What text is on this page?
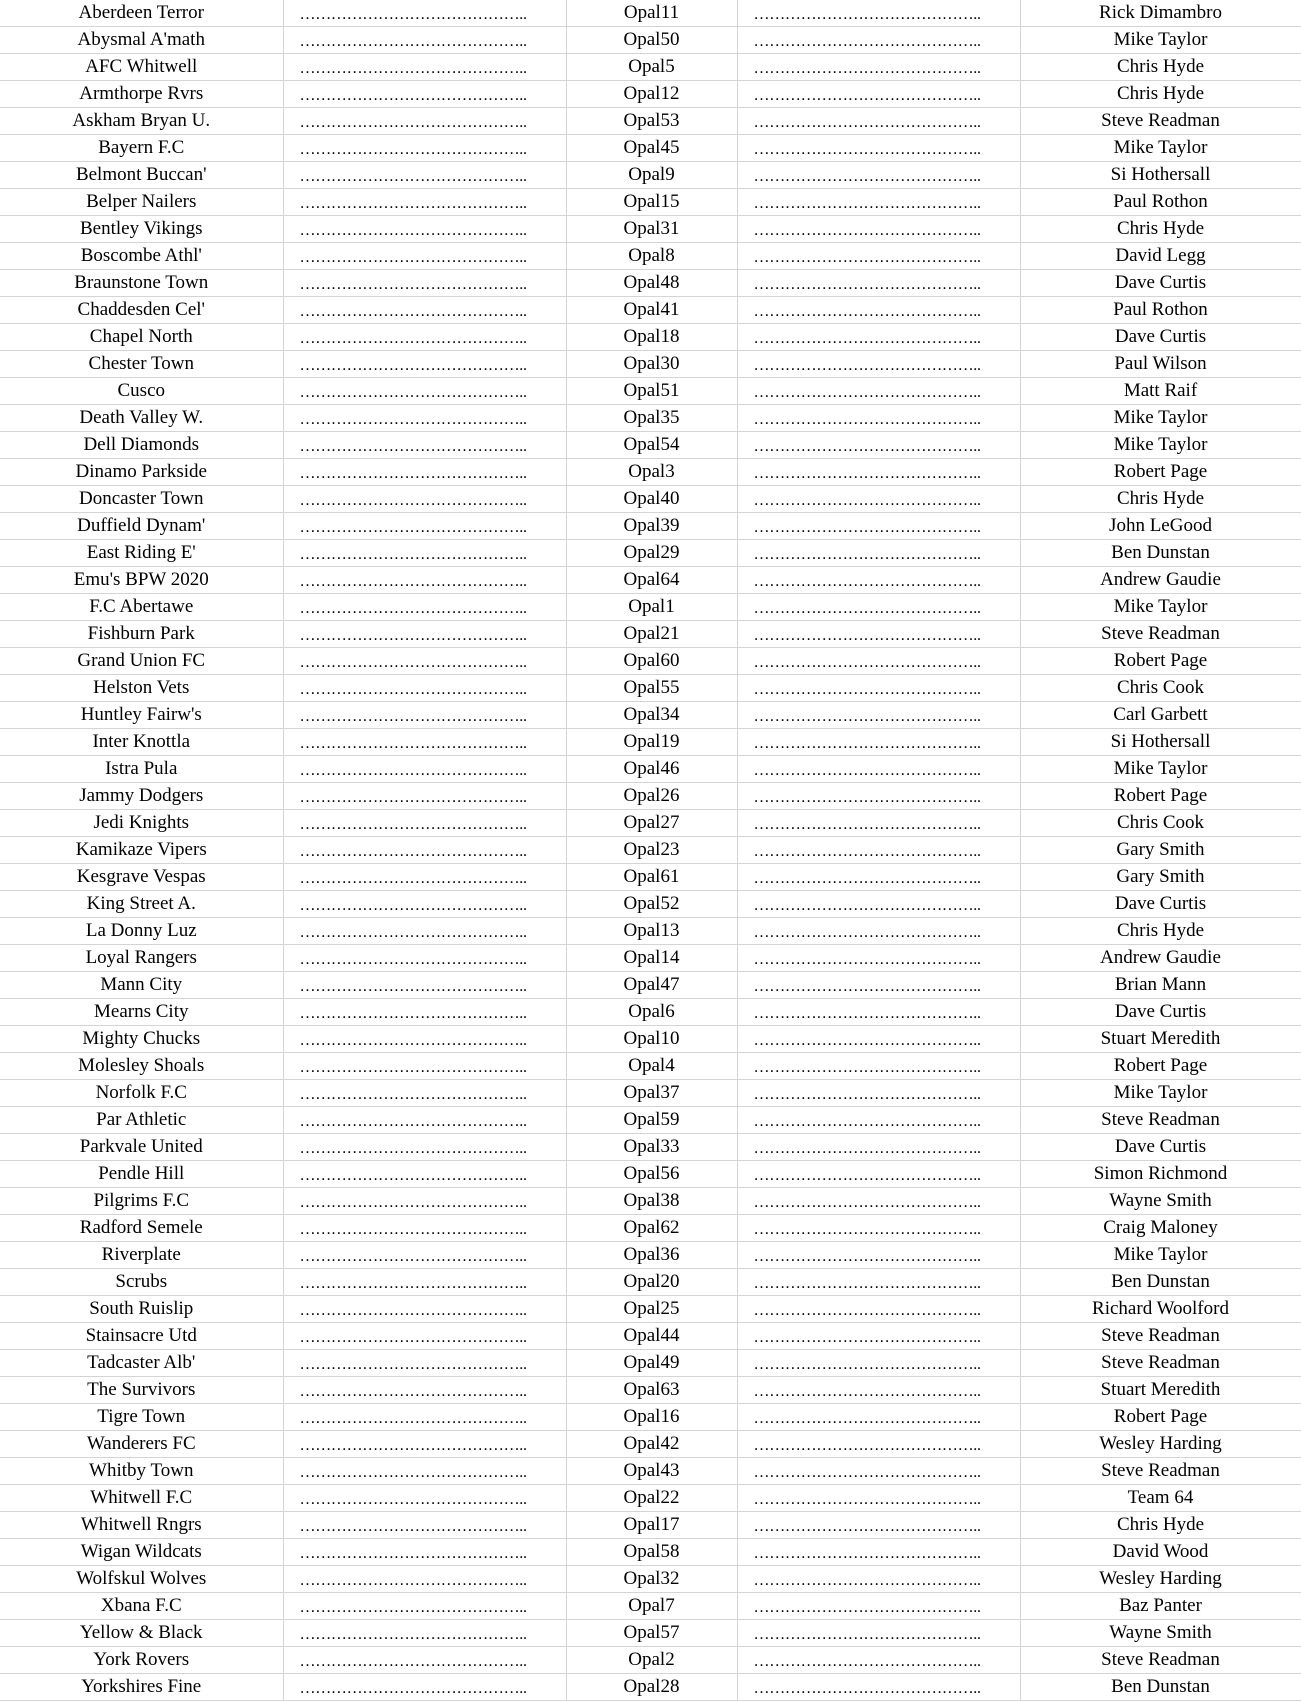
Aberdeen Terror	……………………………………..	Opal11	……………………………………..	Rick Dimambro
Abysmal A'math	……………………………………..	Opal50	……………………………………..	Mike Taylor
AFC Whitwell	……………………………………..	Opal5	……………………………………..	Chris Hyde
Armthorpe Rvrs	……………………………………..	Opal12	……………………………………..	Chris Hyde
Askham Bryan U.	……………………………………..	Opal53	……………………………………..	Steve Readman
Bayern F.C	……………………………………..	Opal45	……………………………………..	Mike Taylor
Belmont Buccan'	……………………………………..	Opal9	……………………………………..	Si Hothersall
Belper Nailers	……………………………………..	Opal15	……………………………………..	Paul Rothon
Bentley Vikings	……………………………………..	Opal31	……………………………………..	Chris Hyde
Boscombe Athl'	……………………………………..	Opal8	……………………………………..	David Legg
Braunstone Town	……………………………………..	Opal48	……………………………………..	Dave Curtis
Chaddesden Cel'	……………………………………..	Opal41	……………………………………..	Paul Rothon
Chapel North	……………………………………..	Opal18	……………………………………..	Dave Curtis
Chester Town	……………………………………..	Opal30	……………………………………..	Paul Wilson
Cusco	……………………………………..	Opal51	……………………………………..	Matt Raif
Death Valley W.	……………………………………..	Opal35	……………………………………..	Mike Taylor
Dell Diamonds	……………………………………..	Opal54	……………………………………..	Mike Taylor
Dinamo Parkside	……………………………………..	Opal3	……………………………………..	Robert Page
Doncaster Town	……………………………………..	Opal40	……………………………………..	Chris Hyde
Duffield Dynam'	……………………………………..	Opal39	……………………………………..	John LeGood
East Riding E'	……………………………………..	Opal29	……………………………………..	Ben Dunstan
Emu's BPW 2020	……………………………………..	Opal64	……………………………………..	Andrew Gaudie
F.C Abertawe	……………………………………..	Opal1	……………………………………..	Mike Taylor
Fishburn Park	……………………………………..	Opal21	……………………………………..	Steve Readman
Grand Union FC	……………………………………..	Opal60	……………………………………..	Robert Page
Helston Vets	……………………………………..	Opal55	……………………………………..	Chris Cook
Huntley Fairw's	……………………………………..	Opal34	……………………………………..	Carl Garbett
Inter Knottla	……………………………………..	Opal19	……………………………………..	Si Hothersall
Istra Pula	……………………………………..	Opal46	……………………………………..	Mike Taylor
Jammy Dodgers	……………………………………..	Opal26	……………………………………..	Robert Page
Jedi Knights	……………………………………..	Opal27	……………………………………..	Chris Cook
Kamikaze Vipers	……………………………………..	Opal23	……………………………………..	Gary Smith
Kesgrave Vespas	……………………………………..	Opal61	……………………………………..	Gary Smith
King Street A.	……………………………………..	Opal52	……………………………………..	Dave Curtis
La Donny Luz	……………………………………..	Opal13	……………………………………..	Chris Hyde
Loyal Rangers	……………………………………..	Opal14	……………………………………..	Andrew Gaudie
Mann City	……………………………………..	Opal47	……………………………………..	Brian Mann
Mearns City	……………………………………..	Opal6	……………………………………..	Dave Curtis
Mighty Chucks	……………………………………..	Opal10	……………………………………..	Stuart Meredith
Molesley Shoals	……………………………………..	Opal4	……………………………………..	Robert Page
Norfolk F.C	……………………………………..	Opal37	……………………………………..	Mike Taylor
Par Athletic	……………………………………..	Opal59	……………………………………..	Steve Readman
Parkvale United	……………………………………..	Opal33	……………………………………..	Dave Curtis
Pendle Hill	……………………………………..	Opal56	……………………………………..	Simon Richmond
Pilgrims F.C	……………………………………..	Opal38	……………………………………..	Wayne Smith
Radford Semele	……………………………………..	Opal62	……………………………………..	Craig Maloney
Riverplate	……………………………………..	Opal36	……………………………………..	Mike Taylor
Scrubs	……………………………………..	Opal20	……………………………………..	Ben Dunstan
South Ruislip	……………………………………..	Opal25	……………………………………..	Richard Woolford
Stainsacre Utd	……………………………………..	Opal44	……………………………………..	Steve Readman
Tadcaster Alb'	……………………………………..	Opal49	……………………………………..	Steve Readman
The Survivors	……………………………………..	Opal63	……………………………………..	Stuart Meredith
Tigre Town	……………………………………..	Opal16	……………………………………..	Robert Page
Wanderers FC	……………………………………..	Opal42	……………………………………..	Wesley Harding
Whitby Town	……………………………………..	Opal43	……………………………………..	Steve Readman
Whitwell F.C	……………………………………..	Opal22	……………………………………..	Team 64
Whitwell Rngrs	……………………………………..	Opal17	……………………………………..	Chris Hyde
Wigan Wildcats	……………………………………..	Opal58	……………………………………..	David Wood
Wolfskul Wolves	……………………………………..	Opal32	……………………………………..	Wesley Harding
Xbana F.C	……………………………………..	Opal7	……………………………………..	Baz Panter
Yellow & Black	……………………………………..	Opal57	……………………………………..	Wayne Smith
York Rovers	……………………………………..	Opal2	……………………………………..	Steve Readman
Yorkshires Fine	……………………………………..	Opal28	……………………………………..	Ben Dunstan
